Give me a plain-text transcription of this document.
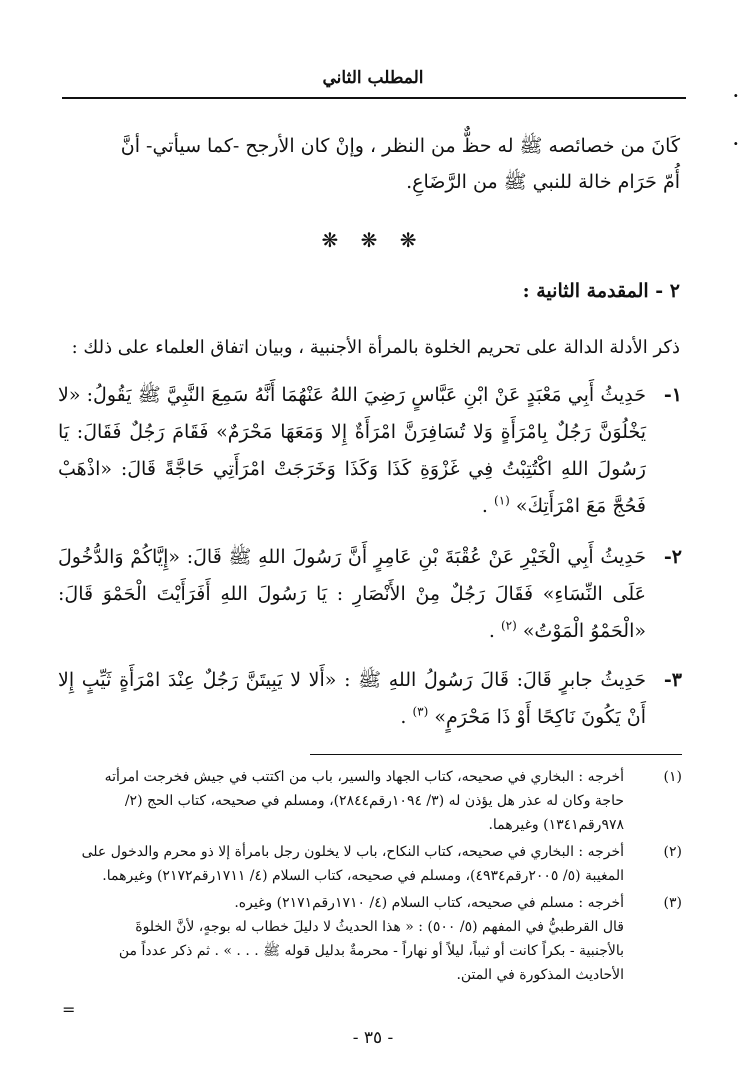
المطلب الثاني
.
.
كَانَ من خصائصه ﷺ له حظٌّ من النظر ، وإنْ كان الأرجح -كما سيأتي- أنَّ
أُمّ حَرَام خالة للنبي ﷺ من الرَّضَاعِ.
❋ ❋ ❋
٢ - المقدمة الثانية :
ذكر الأدلة الدالة على تحريم الخلوة بالمرأة الأجنبية ، وبيان اتفاق العلماء على ذلك :
١-
حَدِيثُ أَبِي مَعْبَدٍ عَنْ ابْنِ عَبَّاسٍ رَضِيَ اللهُ عَنْهُمَا أَنَّهُ سَمِعَ النَّبِيَّ ﷺ يَقُولُ: «لا يَخْلُوَنَّ رَجُلٌ بِامْرَأَةٍ وَلا تُسَافِرَنَّ امْرَأَةٌ إِلا وَمَعَهَا مَحْرَمٌ» فَقَامَ رَجُلٌ فَقَالَ: يَا رَسُولَ اللهِ اكْتُتِبْتُ فِي غَزْوَةِ كَذَا وَكَذَا وَخَرَجَتْ امْرَأَتِي حَاجَّةً قَالَ: «اذْهَبْ فَحُجَّ مَعَ امْرَأَتِكَ» $^{(١)}$ .
٢-
حَدِيثُ أَبِي الْخَيْرِ عَنْ عُقْبَةَ بْنِ عَامِرٍ أَنَّ رَسُولَ اللهِ ﷺ قَالَ: «إِيَّاكُمْ وَالدُّخُولَ عَلَى النِّسَاءِ» فَقَالَ رَجُلٌ مِنْ الأَنْصَارِ : يَا رَسُولَ اللهِ أَفَرَأَيْتَ الْحَمْوَ قَالَ: «الْحَمْوُ الْمَوْتُ» $^{(٢)}$ .
٣-
حَدِيثُ جابرٍ قَالَ: قَالَ رَسُولُ اللهِ ﷺ : «أَلا لا يَبِيتَنَّ رَجُلٌ عِنْدَ امْرَأَةٍ ثَيِّبٍ إِلا أَنْ يَكُونَ نَاكِحًا أَوْ ذَا مَحْرَمٍ» $^{(٣)}$ .
(١)
أخرجه : البخاري في صحيحه، كتاب الجهاد والسير، باب من اكتتب في جيش فخرجت امرأته
حاجة وكان له عذر هل يؤذن له (٣/ ١٠٩٤رقم٢٨٤٤)، ومسلم في صحيحه، كتاب الحج (٢/
٩٧٨رقم١٣٤١) وغيرهما.
(٢)
أخرجه : البخاري في صحيحه، كتاب النكاح، باب لا يخلون رجل بامرأة إلا ذو محرم والدخول على
المغيبة (٥/ ٢٠٠٥رقم٤٩٣٤)، ومسلم في صحيحه، كتاب السلام (٤/ ١٧١١رقم٢١٧٢) وغيرهما.
(٣)
أخرجه : مسلم في صحيحه، كتاب السلام (٤/ ١٧١٠رقم٢١٧١) وغيره.
قال القرطبيُّ في المفهم (٥/ ٥٠٠) : « هذا الحديثُ لا دليلَ خطاب له بوجهٍ، لأنَّ الخلوةَ
بالأجنبية - بكراً كانت أو ثيباً، ليلاً أو نهاراً - محرمةٌ بدليل قوله ﷺ . . . » . ثم ذكر عدداً من
الأحاديث المذكورة في المتن.
=
- ٣٥ -
